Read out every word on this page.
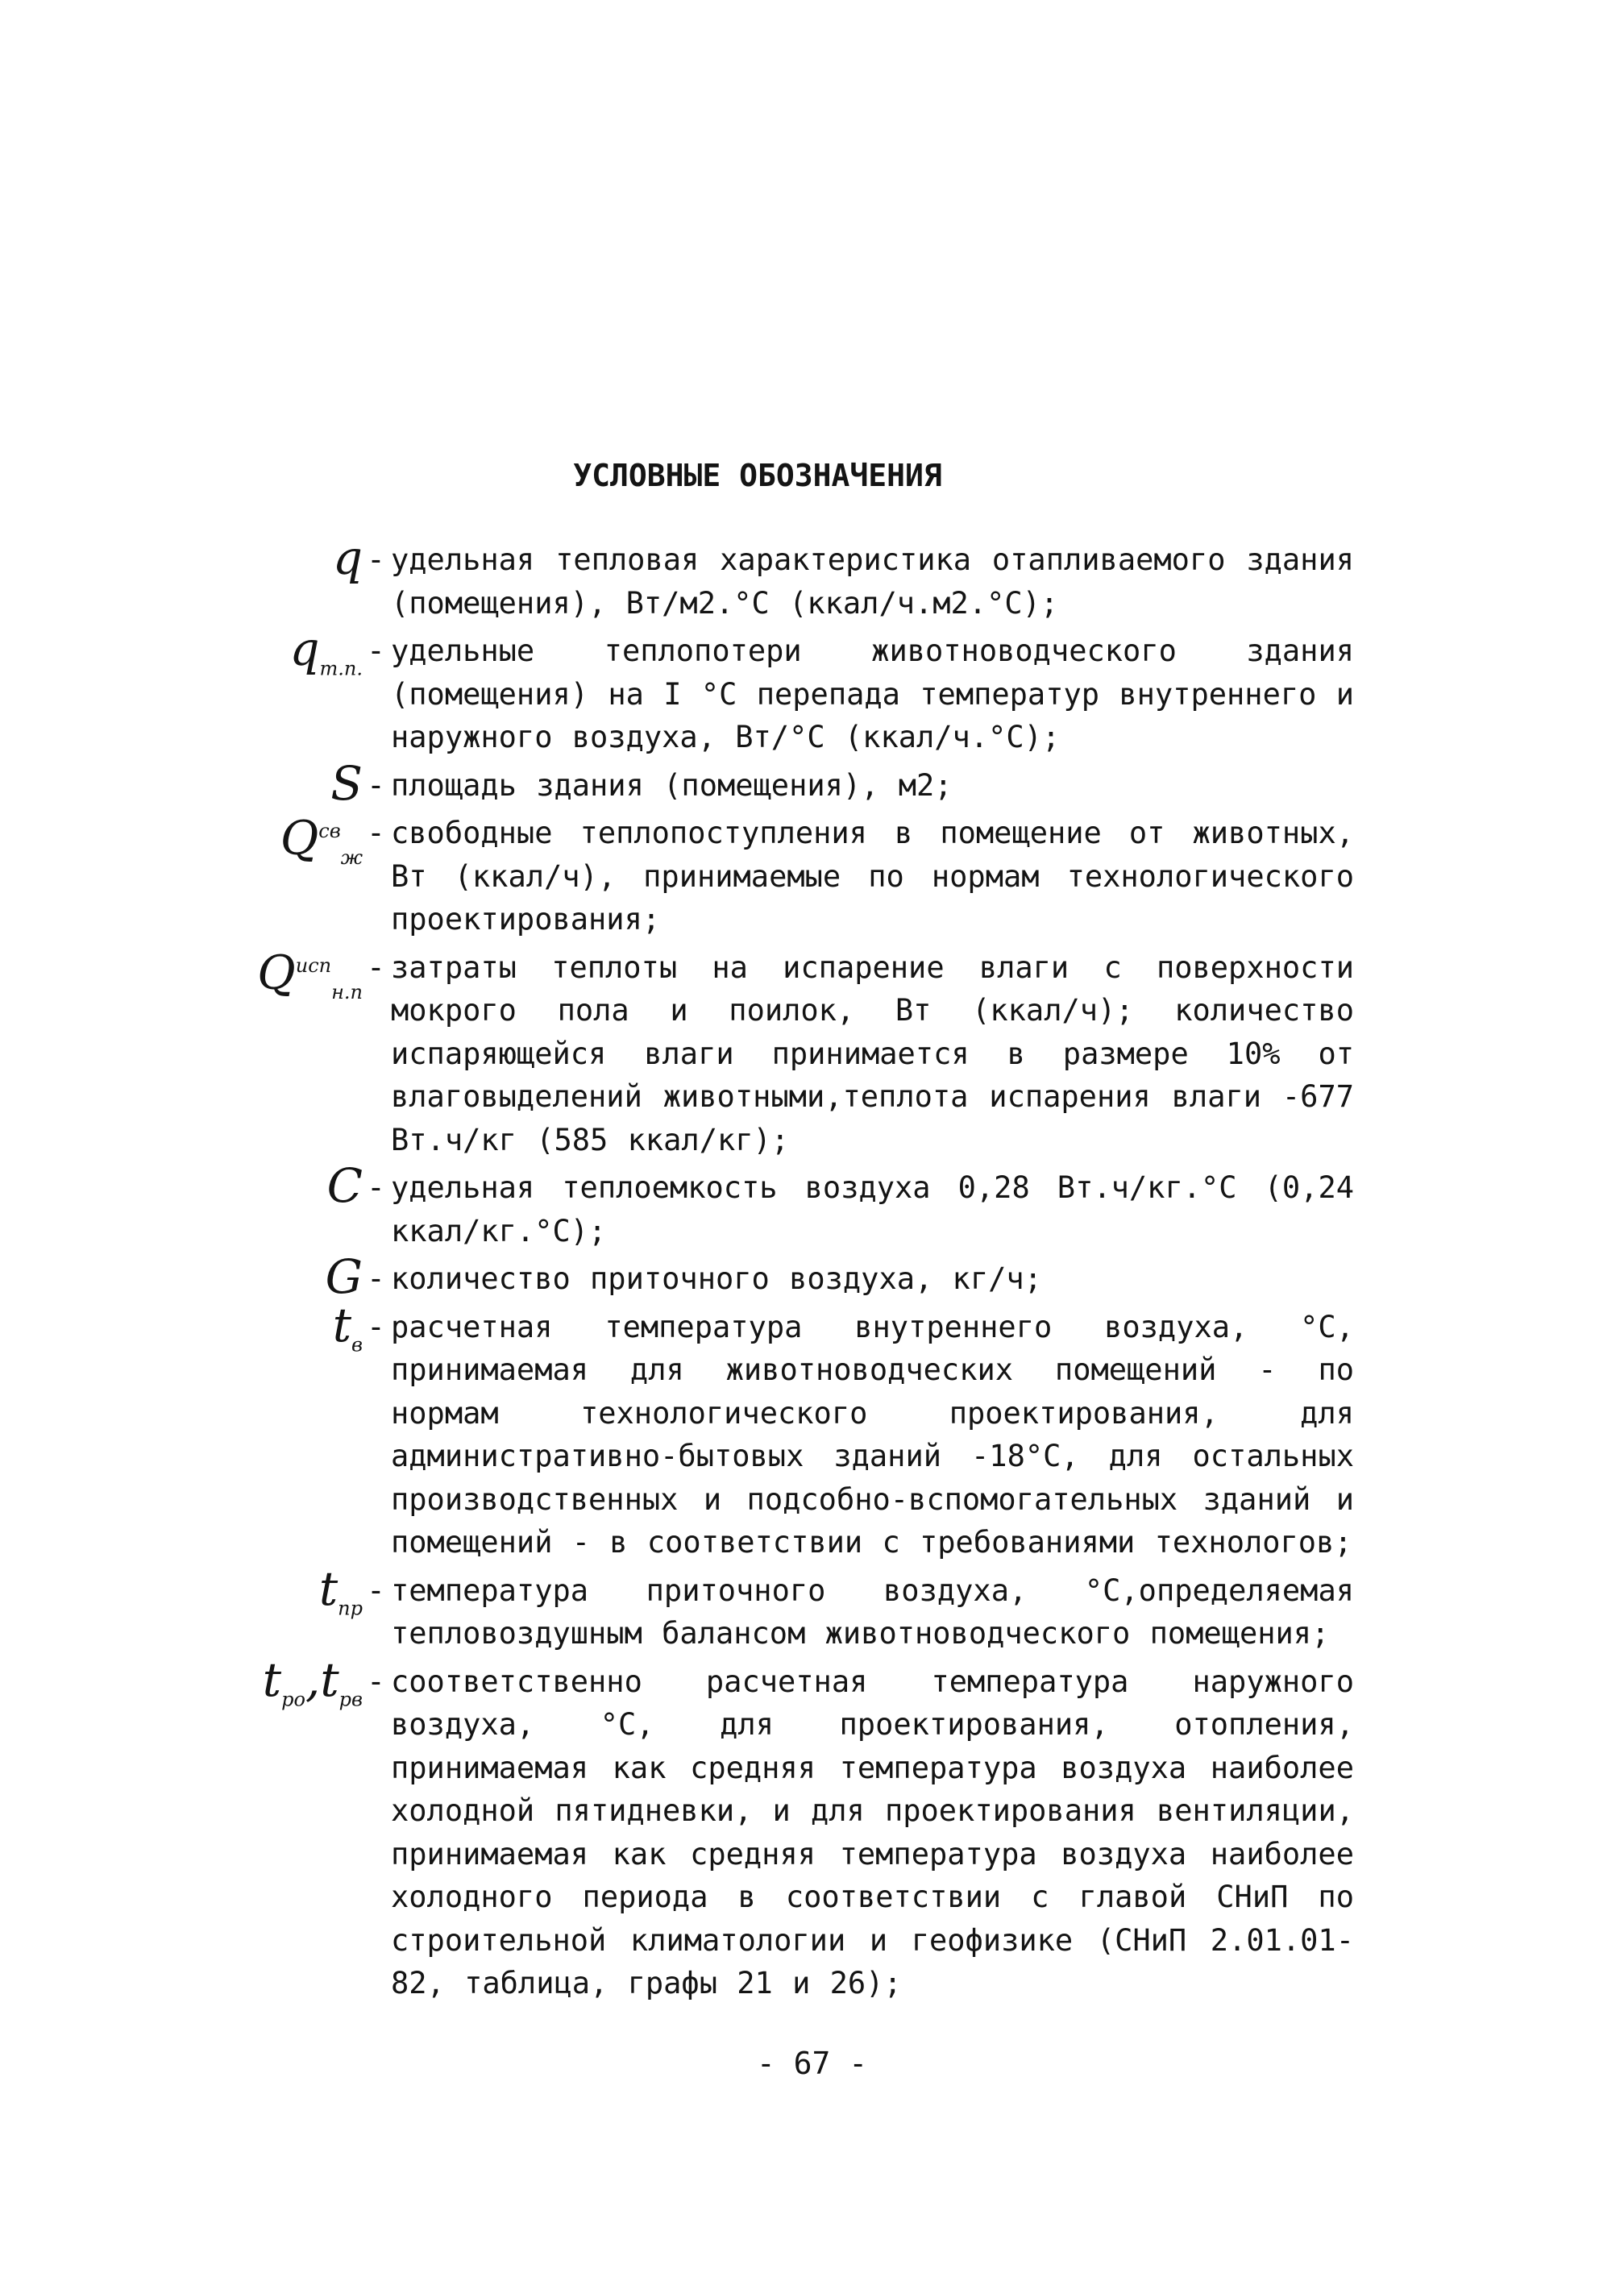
УСЛОВНЫЕ ОБОЗНАЧЕНИЯ
q - удельная тепловая характеристика отапливаемого здания (помещения), Вт/м2.°С (ккал/ч.м2.°С);
$q_{т.п.}$
- удельные теплопотери животноводческого здания (помещения) на I °С перепада температур внутреннего и наружного воздуха, Вт/°С (ккал/ч.°С);
S - площадь здания (помещения), м2;
$Q^{св}_ж$
- свободные теплопоступления в помещение от животных, Вт (ккал/ч), принимаемые по нормам технологического проектирования;
$Q^{исп}_{н.п}$
- затраты теплоты на испарение влаги с поверхности мокрого пола и поилок, Вт (ккал/ч); количество испаряющейся влаги принимается в размере 10% от влаговыделений животными,теплота испарения влаги -677 Вт.ч/кг (585 ккал/кг);
C - удельная теплоемкость воздуха 0,28 Вт.ч/кг.°С (0,24 ккал/кг.°С);
G - количество приточного воздуха, кг/ч;
$t_в$
- расчетная температура внутреннего воздуха, °С, принимаемая для животноводческих помещений - по нормам технологического проектирования, для административно-бытовых зданий -18°С, для остальных производственных и подсобно-вспомогательных зданий и помещений - в соответствии с требованиями технологов;
$t_{пр}$
- температура приточного воздуха, °С,определяемая тепловоздушным балансом животноводческого помещения;
$t_{ро},t_{рв}$
- соответственно расчетная температура наружного воздуха, °С, для проектирования, отопления, принимаемая как средняя температура воздуха наиболее холодной пятидневки, и для проектирования вентиляции, принимаемая как средняя температура воздуха наиболее холодного периода в соответствии с главой СНиП по строительной климатологии и геофизике (СНиП 2.01.01-82, таблица, графы 21 и 26);
- 67 -
